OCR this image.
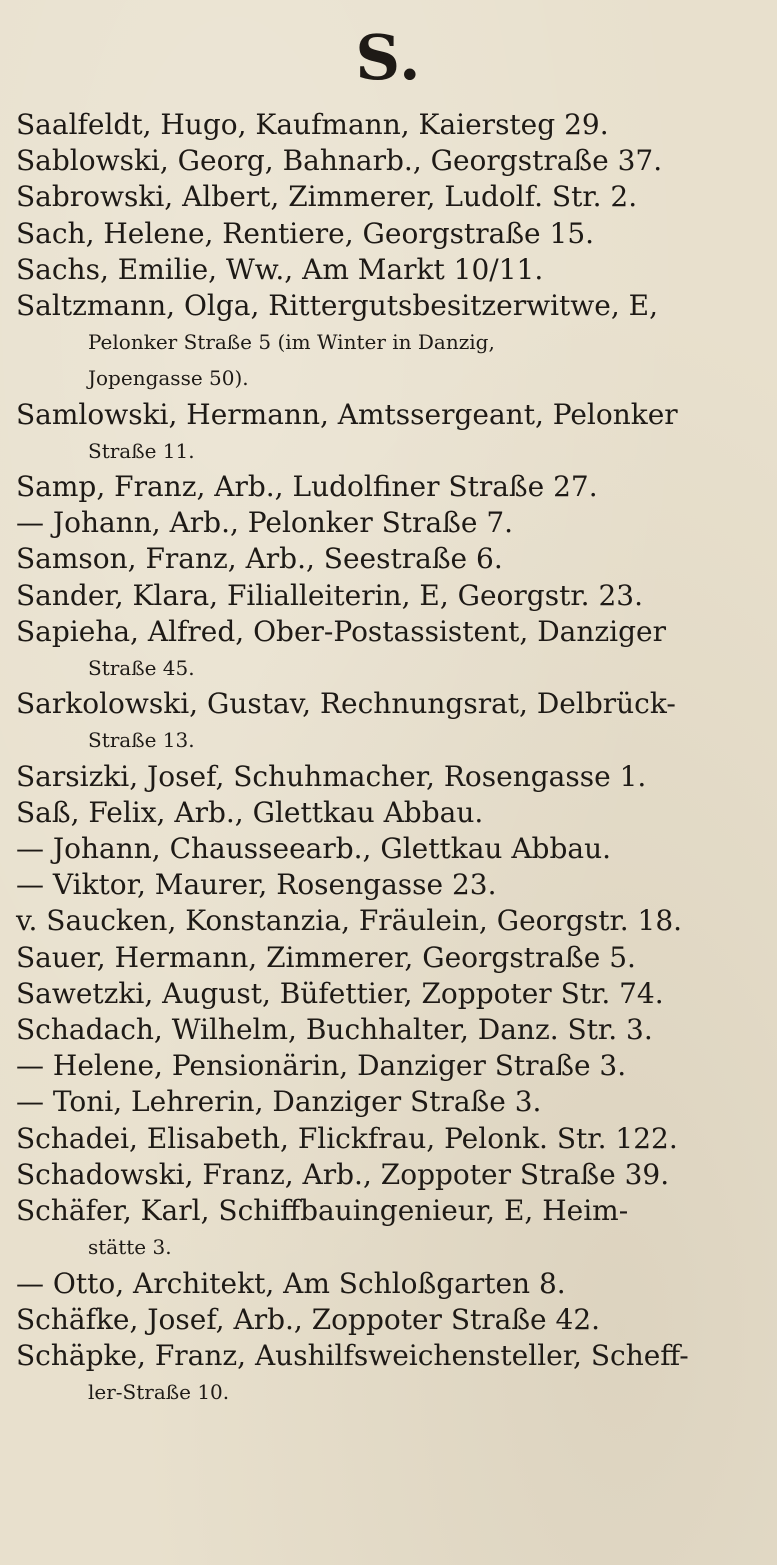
S.
Saalfeldt, Hugo, Kaufmann, Kaiersteg 29.
Sablowski, Georg, Bahnarb., Georgstraße 37.
Sabrowski, Albert, Zimmerer, Ludolf. Str. 2.
Sach, Helene, Rentiere, Georgstraße 15.
Sachs, Emilie, Ww., Am Markt 10/11.
Saltzmann, Olga, Rittergutsbesitzerwitwe, E,
Pelonker Straße 5 (im Winter in Danzig,
Jopengasse 50).
Samlowski, Hermann, Amtssergeant, Pelonker
Straße 11.
Samp, Franz, Arb., Ludolfiner Straße 27.
— Johann, Arb., Pelonker Straße 7.
Samson, Franz, Arb., Seestraße 6.
Sander, Klara, Filialleiterin, E, Georgstr. 23.
Sapieha, Alfred, Ober-Postassistent, Danziger
Straße 45.
Sarkolowski, Gustav, Rechnungsrat, Delbrück-
Straße 13.
Sarsizki, Josef, Schuhmacher, Rosengasse 1.
Saß, Felix, Arb., Glettkau Abbau.
— Johann, Chausseearb., Glettkau Abbau.
— Viktor, Maurer, Rosengasse 23.
v. Saucken, Konstanzia, Fräulein, Georgstr. 18.
Sauer, Hermann, Zimmerer, Georgstraße 5.
Sawetzki, August, Büfettier, Zoppoter Str. 74.
Schadach, Wilhelm, Buchhalter, Danz. Str. 3.
— Helene, Pensionärin, Danziger Straße 3.
— Toni, Lehrerin, Danziger Straße 3.
Schadei, Elisabeth, Flickfrau, Pelonk. Str. 122.
Schadowski, Franz, Arb., Zoppoter Straße 39.
Schäfer, Karl, Schiffbauingenieur, E, Heim-
stätte 3.
— Otto, Architekt, Am Schloßgarten 8.
Schäfke, Josef, Arb., Zoppoter Straße 42.
Schäpke, Franz, Aushilfsweichensteller, Scheff-
ler-Straße 10.
